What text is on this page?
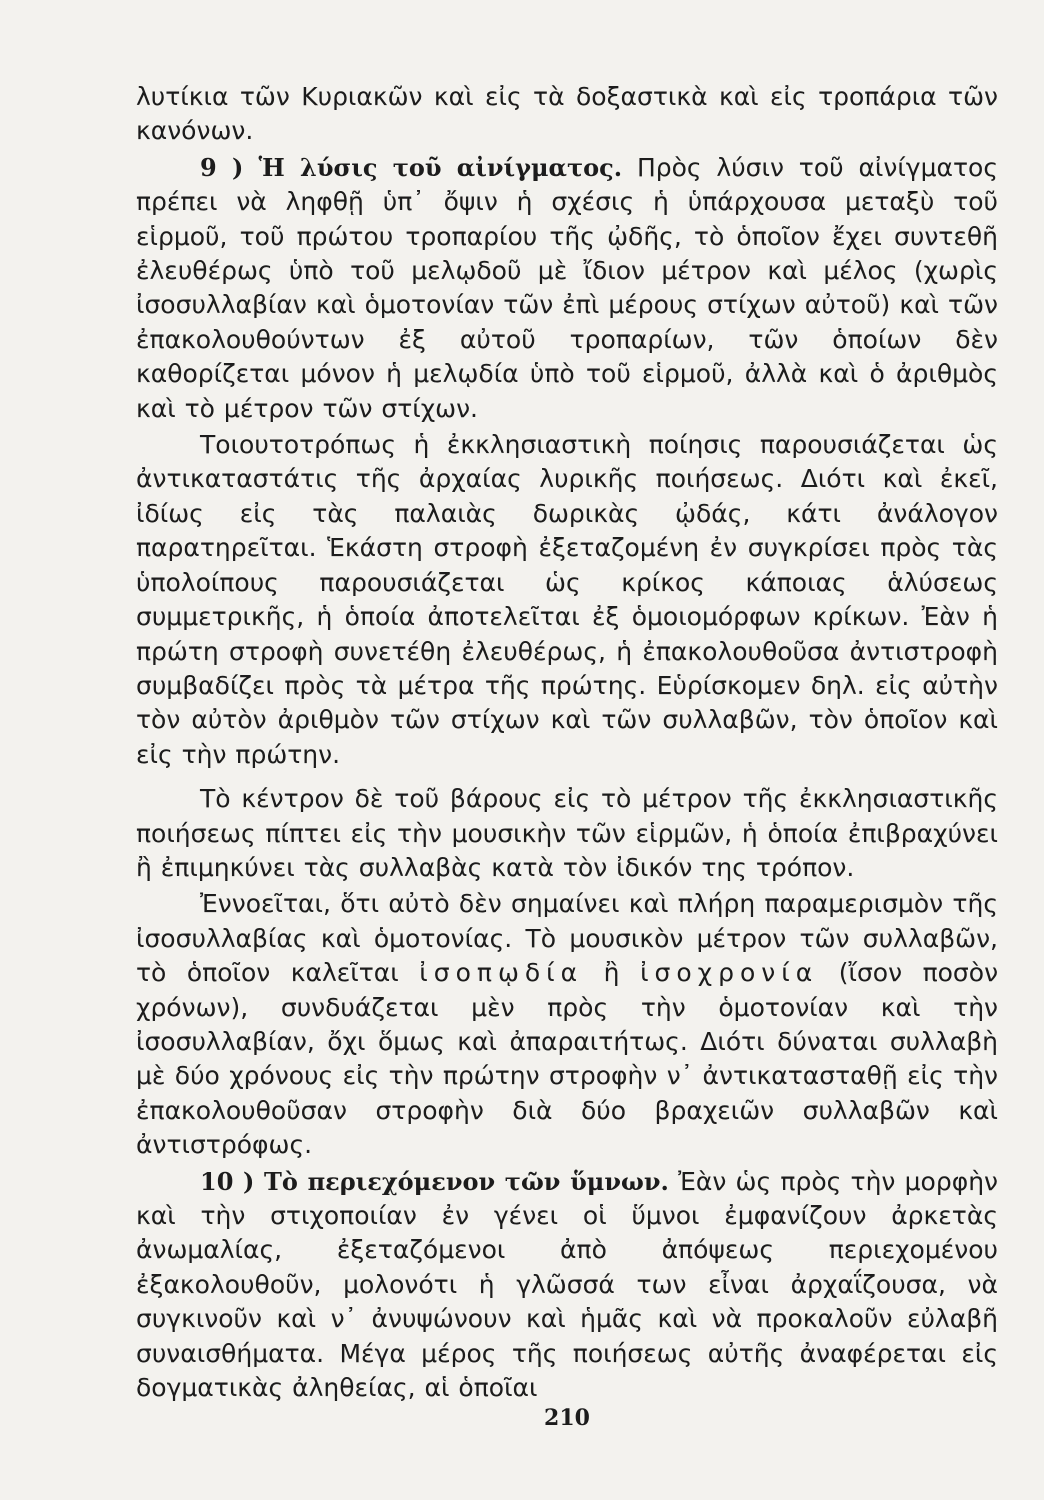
λυτίκια τῶν Κυριακῶν καὶ εἰς τὰ δοξαστικὰ καὶ εἰς τροπάρια τῶν κανόνων.

9 ) Ἡ λύσις τοῦ αἰνίγματος. Πρὸς λύσιν τοῦ αἰνίγματος πρέπει νὰ ληφθῇ ὑπ᾽ ὄψιν ἡ σχέσις ἡ ὑπάρχουσα μεταξὺ τοῦ εἱρμοῦ, τοῦ πρώτου τροπαρίου τῆς ᾠδῆς, τὸ ὁποῖον ἔχει συντεθῆ ἐλευθέρως ὑπὸ τοῦ μελῳδοῦ μὲ ἴδιον μέτρον καὶ μέλος (χωρὶς ἰσοσυλλαβίαν καὶ ὁμοτονίαν τῶν ἐπὶ μέρους στίχων αὐτοῦ) καὶ τῶν ἐπακολουθούντων ἐξ αὐτοῦ τροπαρίων, τῶν ὁποίων δὲν καθορίζεται μόνον ἡ μελῳδία ὑπὸ τοῦ εἱρμοῦ, ἀλλὰ καὶ ὁ ἀριθμὸς καὶ τὸ μέτρον τῶν στίχων.

Τοιουτοτρόπως ἡ ἐκκλησιαστικὴ ποίησις παρουσιάζεται ὡς ἀντικαταστάτις τῆς ἀρχαίας λυρικῆς ποιήσεως. Διότι καὶ ἐκεῖ, ἰδίως εἰς τὰς παλαιὰς δωρικὰς ᾠδάς, κάτι ἀνάλογον παρατηρεῖται. Ἑκάστη στροφὴ ἐξεταζομένη ἐν συγκρίσει πρὸς τὰς ὑπολοίπους παρουσιάζεται ὡς κρίκος κάποιας ἁλύσεως συμμετρικῆς, ἡ ὁποία ἀποτελεῖται ἐξ ὁμοιομόρφων κρίκων. Ἐὰν ἡ πρώτη στροφὴ συνετέθη ἐλευθέρως, ἡ ἐπακολουθοῦσα ἀντιστροφὴ συμβαδίζει πρὸς τὰ μέτρα τῆς πρώτης. Εὑρίσκομεν δηλ. εἰς αὐτὴν τὸν αὐτὸν ἀριθμὸν τῶν στίχων καὶ τῶν συλλαβῶν, τὸν ὁποῖον καὶ εἰς τὴν πρώτην.

Τὸ κέντρον δὲ τοῦ βάρους εἰς τὸ μέτρον τῆς ἐκκλησιαστικῆς ποιήσεως πίπτει εἰς τὴν μουσικὴν τῶν εἱρμῶν, ἡ ὁποία ἐπιβραχύνει ἢ ἐπιμηκύνει τὰς συλλαβὰς κατὰ τὸν ἰδικόν της τρόπον.

Ἐννοεῖται, ὅτι αὐτὸ δὲν σημαίνει καὶ πλήρη παραμερισμὸν τῆς ἰσοσυλλαβίας καὶ ὁμοτονίας. Τὸ μουσικὸν μέτρον τῶν συλλαβῶν, τὸ ὁποῖον καλεῖται ἰσοπῳδία ἢ ἰσοχρονία (ἴσον ποσὸν χρόνων), συνδυάζεται μὲν πρὸς τὴν ὁμοτονίαν καὶ τὴν ἰσοσυλλαβίαν, ὄχι ὅμως καὶ ἀπαραιτήτως. Διότι δύναται συλλαβὴ μὲ δύο χρόνους εἰς τὴν πρώτην στροφὴν ν᾽ ἀντικατασταθῇ εἰς τὴν ἐπακολουθοῦσαν στροφὴν διὰ δύο βραχειῶν συλλαβῶν καὶ ἀντιστρόφως.

10 ) Τὸ περιεχόμενον τῶν ὕμνων. Ἐὰν ὡς πρὸς τὴν μορφὴν καὶ τὴν στιχοποιίαν ἐν γένει οἱ ὕμνοι ἐμφανίζουν ἀρκετὰς ἀνωμαλίας, ἐξεταζόμενοι ἀπὸ ἀπόψεως περιεχομένου ἐξακολουθοῦν, μολονότι ἡ γλῶσσά των εἶναι ἀρχαΐζουσα, νὰ συγκινοῦν καὶ ν᾽ ἀνυψώνουν καὶ ἡμᾶς καὶ νὰ προκαλοῦν εὐλαβῆ συναισθήματα. Μέγα μέρος τῆς ποιήσεως αὐτῆς ἀναφέρεται εἰς δογματικὰς ἀληθείας, αἱ ὁποῖαι

210
